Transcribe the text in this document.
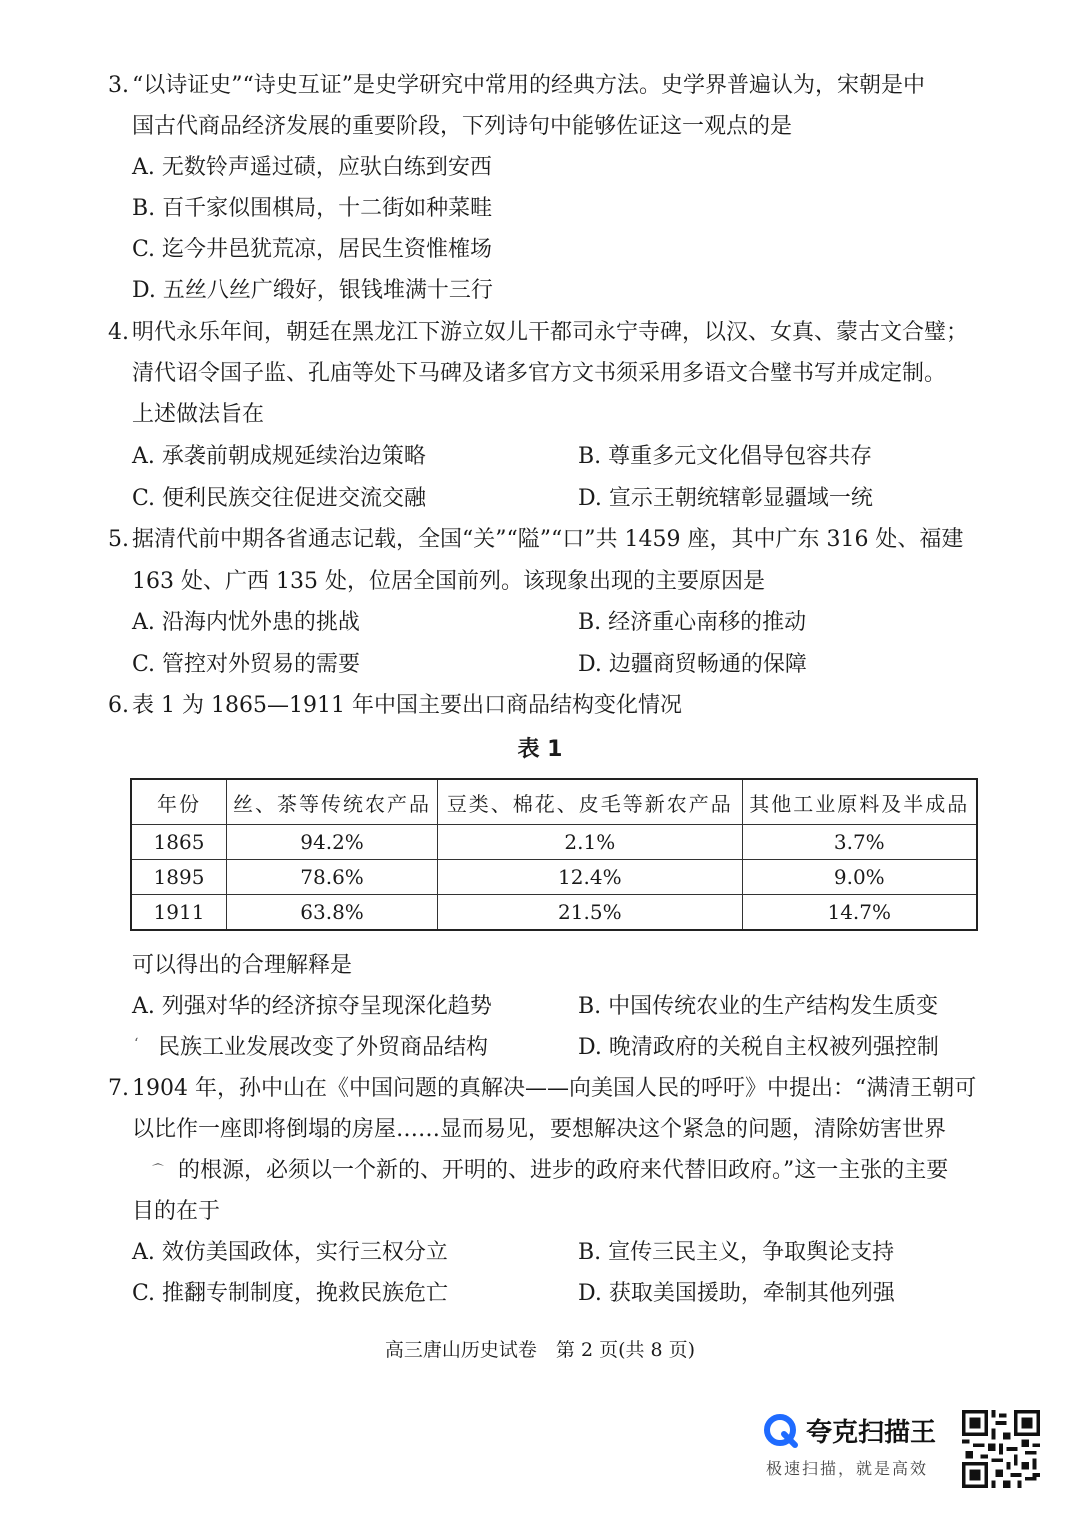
3. “以诗证史”“诗史互证”是史学研究中常用的经典方法。史学界普遍认为，宋朝是中
国古代商品经济发展的重要阶段，下列诗句中能够佐证这一观点的是
A. 无数铃声遥过碛，应驮白练到安西
B. 百千家似围棋局，十二街如种菜畦
C. 迄今井邑犹荒凉，居民生资惟榷场
D. 五丝八丝广缎好，银钱堆满十三行
4. 明代永乐年间，朝廷在黑龙江下游立奴儿干都司永宁寺碑，以汉、女真、蒙古文合璧；
清代诏令国子监、孔庙等处下马碑及诸多官方文书须采用多语文合璧书写并成定制。
上述做法旨在
A. 承袭前朝成规延续治边策略	B. 尊重多元文化倡导包容共存
C. 便利民族交往促进交流交融	D. 宣示王朝统辖彰显疆域一统
5. 据清代前中期各省通志记载，全国“关”“隘”“口”共 1459 座，其中广东 316 处、福建
163 处、广西 135 处，位居全国前列。该现象出现的主要原因是
A. 沿海内忧外患的挑战	B. 经济重心南移的推动
C. 管控对外贸易的需要	D. 边疆商贸畅通的保障
6. 表 1 为 1865—1911 年中国主要出口商品结构变化情况
表 1
年份	丝、茶等传统农产品	豆类、棉花、皮毛等新农产品	其他工业原料及半成品
1865	94.2%	2.1%	3.7%
1895	78.6%	12.4%	9.0%
1911	63.8%	21.5%	14.7%
可以得出的合理解释是
A. 列强对华的经济掠夺呈现深化趋势	B. 中国传统农业的生产结构发生质变
‘ 民族工业发展改变了外贸商品结构	D. 晚清政府的关税自主权被列强控制
7. 1904 年，孙中山在《中国问题的真解决——向美国人民的呼吁》中提出：“满清王朝可
以比作一座即将倒塌的房屋……显而易见，要想解决这个紧急的问题，清除妨害世界
的根源，必须以一个新的、开明的、进步的政府来代替旧政府。”这一主张的主要
目的在于
A. 效仿美国政体，实行三权分立	B. 宣传三民主义，争取舆论支持
C. 推翻专制制度，挽救民族危亡	D. 获取美国援助，牵制其他列强
高三唐山历史试卷　第 2 页(共 8 页)
夸克扫描王
极速扫描，就是高效
